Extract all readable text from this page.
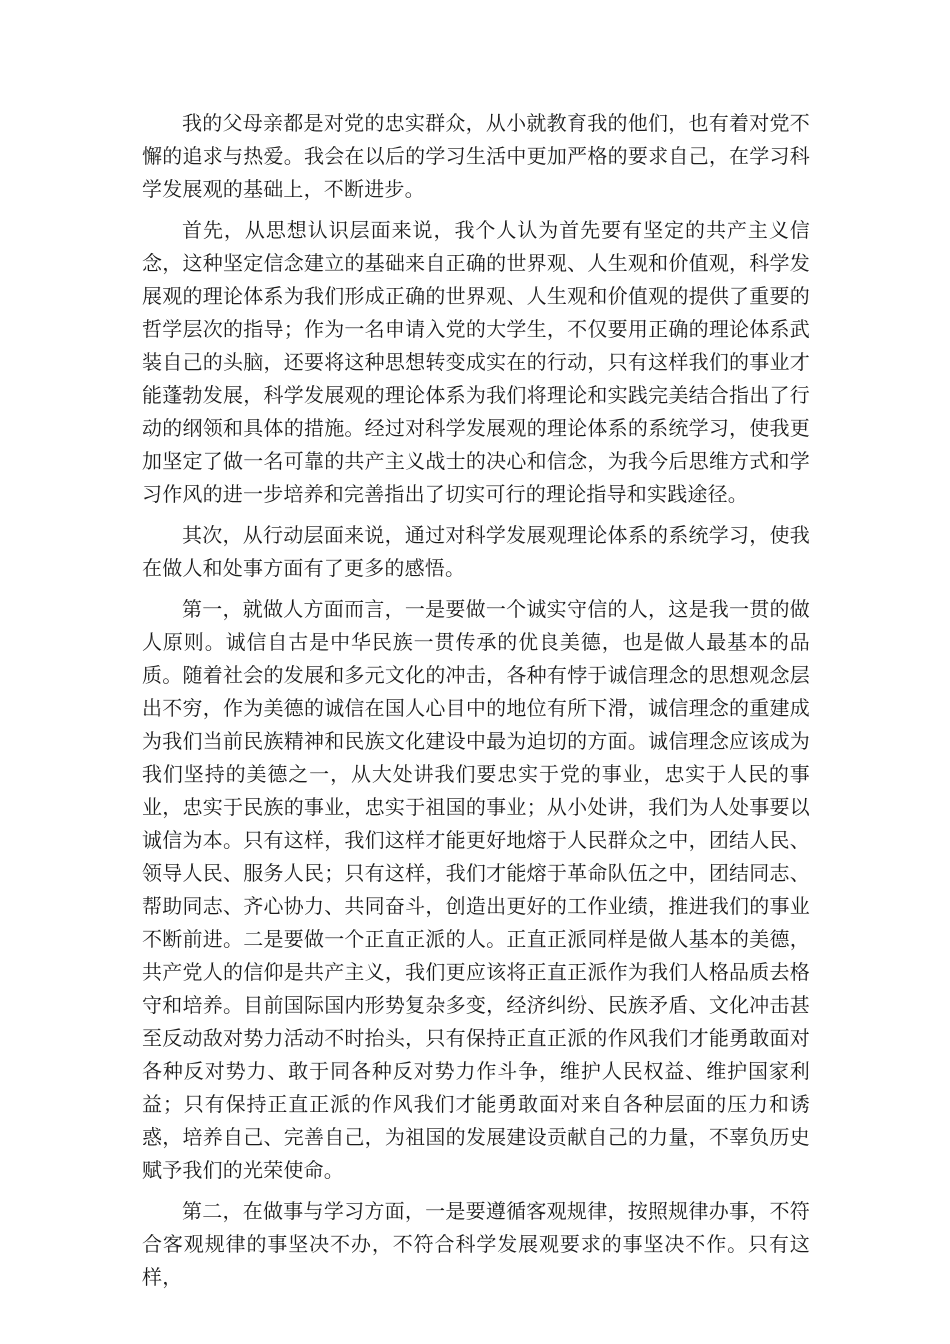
我的父母亲都是对党的忠实群众，从小就教育我的他们，也有着对党不懈的追求与热爱。我会在以后的学习生活中更加严格的要求自己，在学习科学发展观的基础上，不断进步。

首先，从思想认识层面来说，我个人认为首先要有坚定的共产主义信念，这种坚定信念建立的基础来自正确的世界观、人生观和价值观，科学发展观的理论体系为我们形成正确的世界观、人生观和价值观的提供了重要的哲学层次的指导；作为一名申请入党的大学生，不仅要用正确的理论体系武装自己的头脑，还要将这种思想转变成实在的行动，只有这样我们的事业才能蓬勃发展，科学发展观的理论体系为我们将理论和实践完美结合指出了行动的纲领和具体的措施。经过对科学发展观的理论体系的系统学习，使我更加坚定了做一名可靠的共产主义战士的决心和信念，为我今后思维方式和学习作风的进一步培养和完善指出了切实可行的理论指导和实践途径。

其次，从行动层面来说，通过对科学发展观理论体系的系统学习，使我在做人和处事方面有了更多的感悟。

第一，就做人方面而言，一是要做一个诚实守信的人，这是我一贯的做人原则。诚信自古是中华民族一贯传承的优良美德，也是做人最基本的品质。随着社会的发展和多元文化的冲击，各种有悖于诚信理念的思想观念层出不穷，作为美德的诚信在国人心目中的地位有所下滑，诚信理念的重建成为我们当前民族精神和民族文化建设中最为迫切的方面。诚信理念应该成为我们坚持的美德之一，从大处讲我们要忠实于党的事业，忠实于人民的事业，忠实于民族的事业，忠实于祖国的事业；从小处讲，我们为人处事要以诚信为本。只有这样，我们这样才能更好地熔于人民群众之中，团结人民、领导人民、服务人民；只有这样，我们才能熔于革命队伍之中，团结同志、帮助同志、齐心协力、共同奋斗，创造出更好的工作业绩，推进我们的事业不断前进。二是要做一个正直正派的人。正直正派同样是做人基本的美德，共产党人的信仰是共产主义，我们更应该将正直正派作为我们人格品质去格守和培养。目前国际国内形势复杂多变，经济纠纷、民族矛盾、文化冲击甚至反动敌对势力活动不时抬头，只有保持正直正派的作风我们才能勇敢面对各种反对势力、敢于同各种反对势力作斗争，维护人民权益、维护国家利益；只有保持正直正派的作风我们才能勇敢面对来自各种层面的压力和诱惑，培养自己、完善自己，为祖国的发展建设贡献自己的力量，不辜负历史赋予我们的光荣使命。

第二，在做事与学习方面，一是要遵循客观规律，按照规律办事，不符合客观规律的事坚决不办，不符合科学发展观要求的事坚决不作。只有这样，
